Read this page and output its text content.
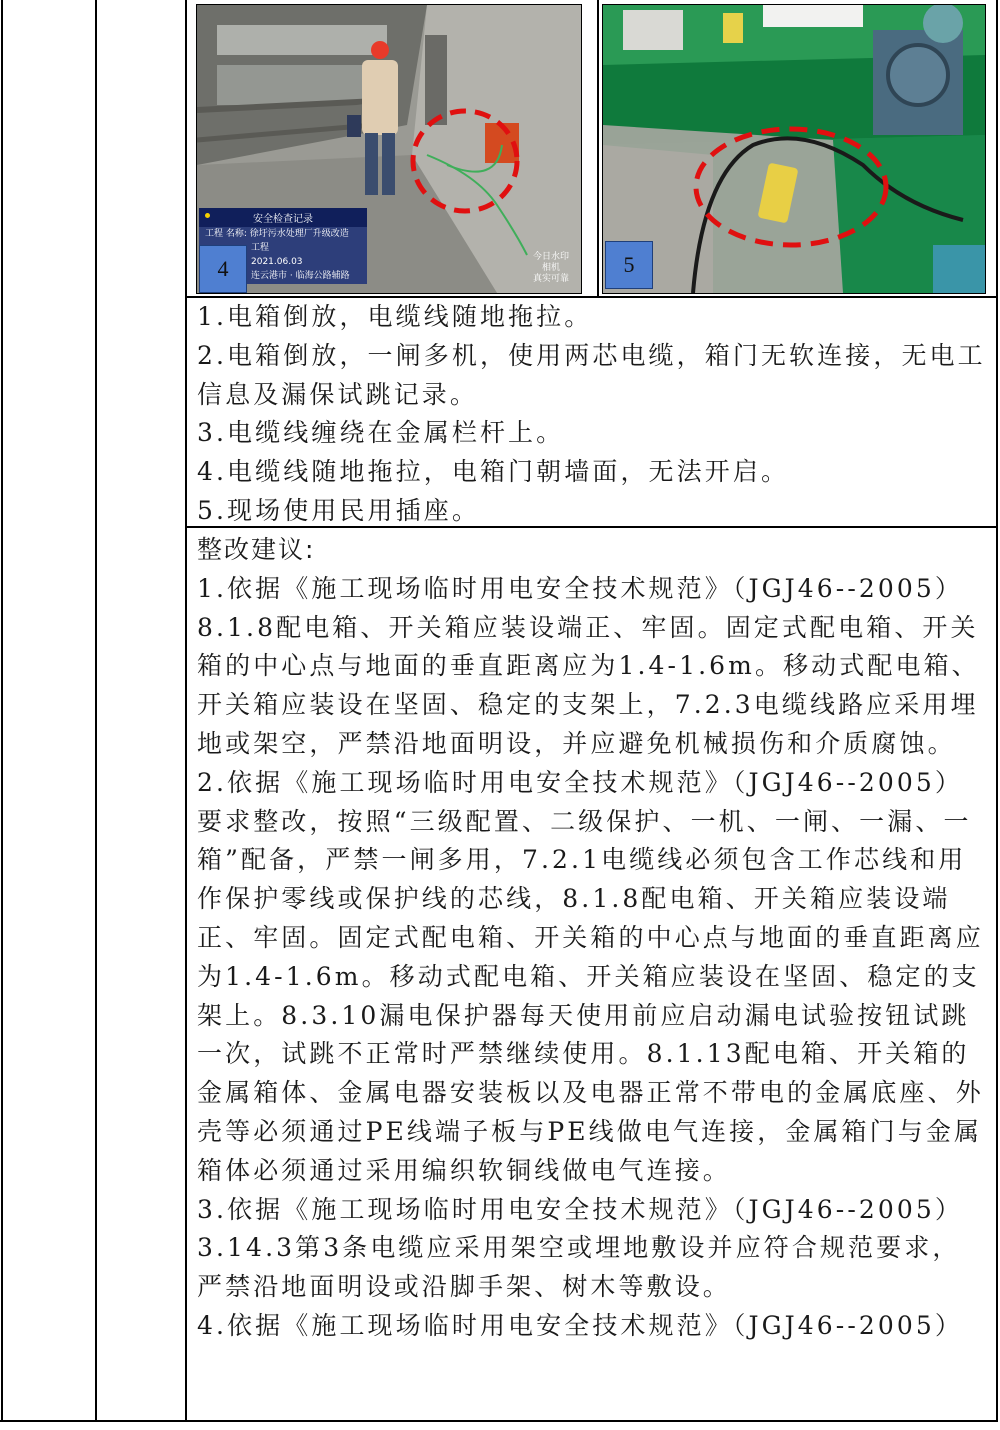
安全检查记录
工程 名称: 徐圩污水处理厂升级改造
工程
2021.06.03
连云港市 · 临海公路辅路
今日水印
相机
真实可靠
4	5

1.电箱倒放，电缆线随地拖拉。

2.电箱倒放，一闸多机，使用两芯电缆，箱门无软连接，无电工信息及漏保试跳记录。

3.电缆线缠绕在金属栏杆上。

4.电缆线随地拖拉，电箱门朝墙面，无法开启。

5.现场使用民用插座。

整改建议:

1.依据《施工现场临时用电安全技术规范》（JGJ46--2005）8.1.8配电箱、开关箱应装设端正、牢固。固定式配电箱、开关箱的中心点与地面的垂直距离应为1.4-1.6m。移动式配电箱、开关箱应装设在坚固、稳定的支架上，7.2.3电缆线路应采用埋地或架空，严禁沿地面明设，并应避免机械损伤和介质腐蚀。

2.依据《施工现场临时用电安全技术规范》（JGJ46--2005）要求整改，按照“三级配置、二级保护、一机、一闸、一漏、一箱”配备，严禁一闸多用，7.2.1电缆线必须包含工作芯线和用作保护零线或保护线的芯线，8.1.8配电箱、开关箱应装设端正、牢固。固定式配电箱、开关箱的中心点与地面的垂直距离应为1.4-1.6m。移动式配电箱、开关箱应装设在坚固、稳定的支架上。8.3.10漏电保护器每天使用前应启动漏电试验按钮试跳一次，试跳不正常时严禁继续使用。8.1.13配电箱、开关箱的金属箱体、金属电器安装板以及电器正常不带电的金属底座、外壳等必须通过PE线端子板与PE线做电气连接，金属箱门与金属箱体必须通过采用编织软铜线做电气连接。

3.依据《施工现场临时用电安全技术规范》（JGJ46--2005）3.14.3第3条电缆应采用架空或埋地敷设并应符合规范要求，严禁沿地面明设或沿脚手架、树木等敷设。

4.依据《施工现场临时用电安全技术规范》（JGJ46--2005）
